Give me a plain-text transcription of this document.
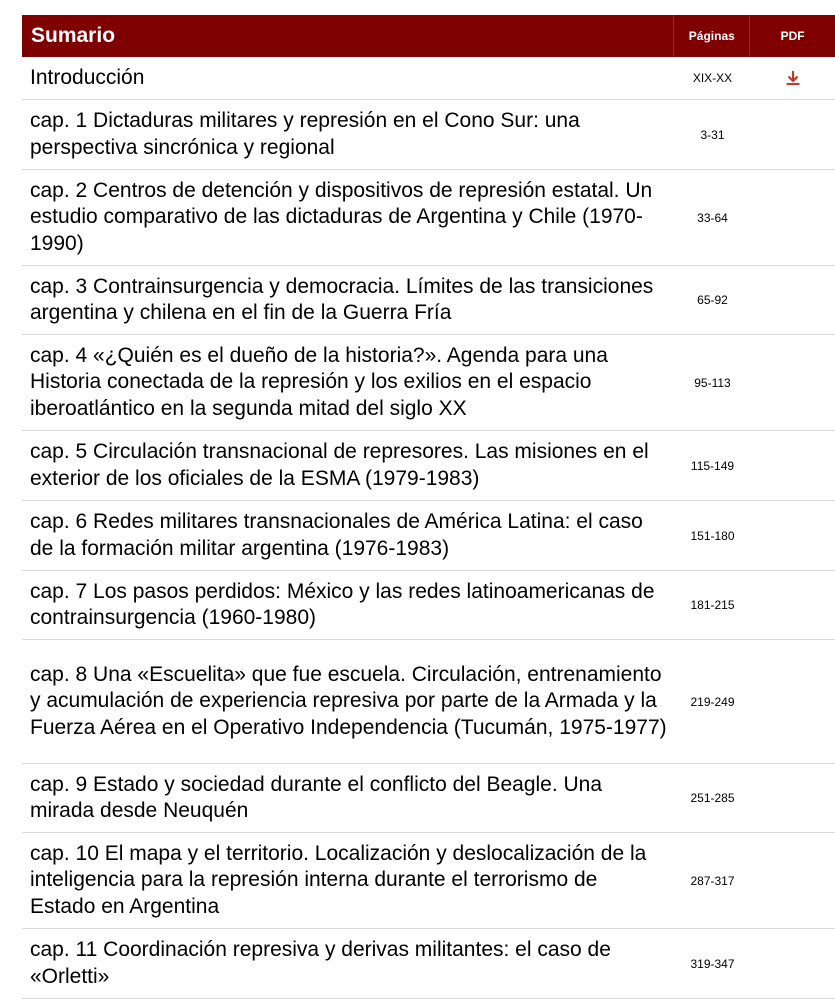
Sumario	Páginas	PDF
Introducción	XIX-XX
cap. 1 Dictaduras militares y represión en el Cono Sur: una perspectiva sincrónica y regional
3-31
cap. 2 Centros de detención y dispositivos de represión estatal. Un estudio comparativo de las dictaduras de Argentina y Chile (1970-1990)
33-64
cap. 3 Contrainsurgencia y democracia. Límites de las transiciones argentina y chilena en el fin de la Guerra Fría
65-92
cap. 4 «¿Quién es el dueño de la historia?». Agenda para una Historia conectada de la represión y los exilios en el espacio iberoatlántico en la segunda mitad del siglo XX
95-113
cap. 5 Circulación transnacional de represores. Las misiones en el exterior de los oficiales de la ESMA (1979-1983)
115-149
cap. 6 Redes militares transnacionales de América Latina: el caso de la formación militar argentina (1976-1983)
151-180
cap. 7 Los pasos perdidos: México y las redes latinoamericanas de contrainsurgencia (1960-1980)
181-215
cap. 8 Una «Escuelita» que fue escuela. Circulación, entrenamiento y acumulación de experiencia represiva por parte de la Armada y la Fuerza Aérea en el Operativo Independencia (Tucumán, 1975-1977)
219-249
cap. 9 Estado y sociedad durante el conflicto del Beagle. Una mirada desde Neuquén
251-285
cap. 10 El mapa y el territorio. Localización y deslocalización de la inteligencia para la represión interna durante el terrorismo de Estado en Argentina
287-317
cap. 11 Coordinación represiva y derivas militantes: el caso de «Orletti»
319-347
